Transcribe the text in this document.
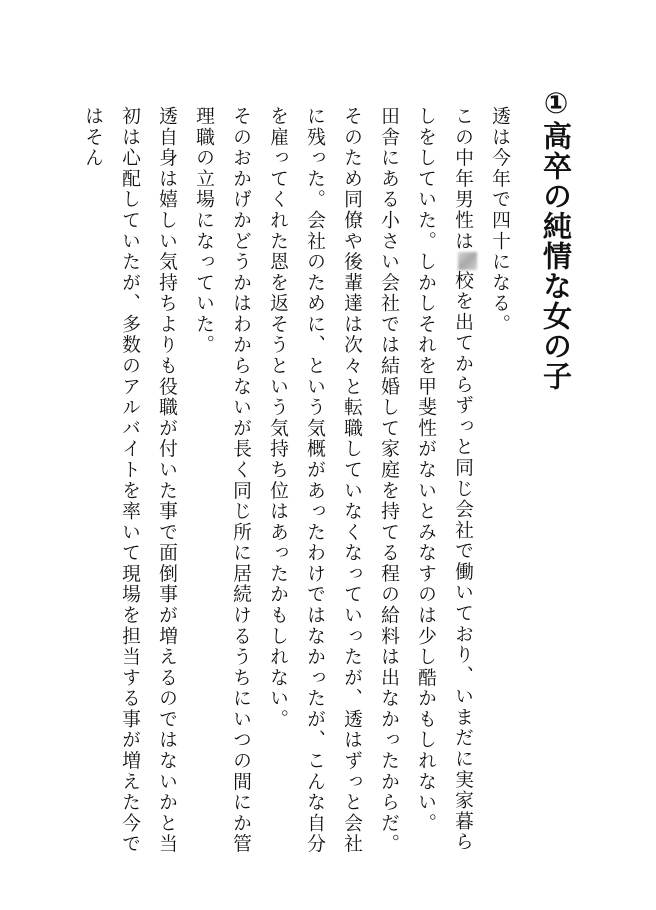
①高卒の純情な女の子

透は今年で四十になる。

この中年男性は校を出てからずっと同じ会社で働いており、いまだに実家暮らしをしていた。しかしそれを甲斐性がないとみなすのは少し酷かもしれない。

田舎にある小さい会社では結婚して家庭を持てる程の給料は出なかったからだ。

そのため同僚や後輩達は次々と転職していなくなっていったが、透はずっと会社に残った。会社のために、という気概があったわけではなかったが、こんな自分を雇ってくれた恩を返そうという気持ち位はあったかもしれない。

そのおかげかどうかはわからないが長く同じ所に居続けるうちにいつの間にか管理職の立場になっていた。

透自身は嬉しい気持ちよりも役職が付いた事で面倒事が増えるのではないかと当初は心配していたが、多数のアルバイトを率いて現場を担当する事が増えた今ではそん
